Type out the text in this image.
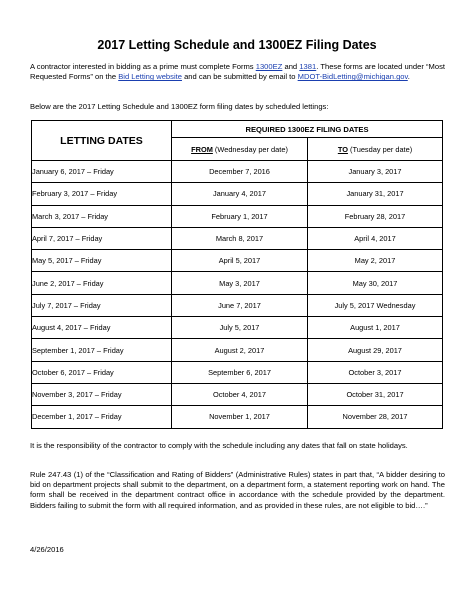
2017 Letting Schedule and 1300EZ Filing Dates
A contractor interested in bidding as a prime must complete Forms 1300EZ and 1381. These forms are located under “Most Requested Forms” on the Bid Letting website and can be submitted by email to MDOT-BidLetting@michigan.gov.
Below are the 2017 Letting Schedule and 1300EZ form filing dates by scheduled lettings:
LETTING DATES	REQUIRED 1300EZ FILING DATES	
	FROM (Wednesday per date)	TO (Tuesday per date)
January 6, 2017 – Friday	December 7, 2016	January 3, 2017
February 3, 2017 – Friday	January 4, 2017	January 31, 2017
March 3, 2017 – Friday	February 1, 2017	February 28, 2017
April 7, 2017 – Friday	March 8, 2017	April 4, 2017
May 5, 2017 – Friday	April 5, 2017	May 2, 2017
June 2, 2017 – Friday	May 3, 2017	May 30, 2017
July 7, 2017 – Friday	June 7, 2017	July 5, 2017 Wednesday
August 4, 2017 – Friday	July 5, 2017	August 1, 2017
September 1, 2017 – Friday	August 2, 2017	August 29, 2017
October 6, 2017 – Friday	September 6, 2017	October 3, 2017
November 3, 2017 – Friday	October 4, 2017	October 31, 2017
December 1, 2017 – Friday	November 1, 2017	November 28, 2017
It is the responsibility of the contractor to comply with the schedule including any dates that fall on state holidays.
Rule 247.43 (1) of the “Classification and Rating of Bidders” (Administrative Rules) states in part that, “A bidder desiring to bid on department projects shall submit to the department, on a department form, a statement reporting work on hand. The form shall be received in the department contract office in accordance with the schedule provided by the department. Bidders failing to submit the form with all required information, and as provided in these rules, are not eligible to bid….”
4/26/2016
